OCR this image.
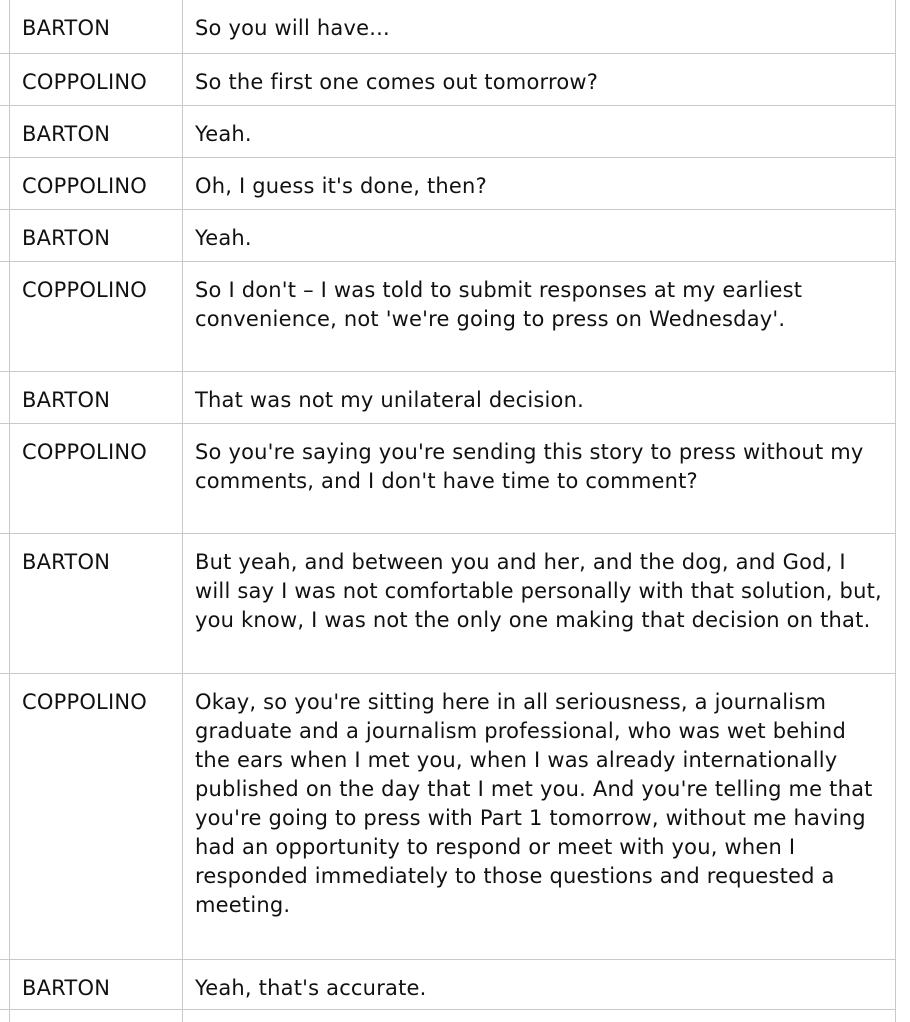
BARTON	So you will have...
COPPOLINO	So the first one comes out tomorrow?
BARTON	Yeah.
COPPOLINO	Oh, I guess it's done, then?
BARTON	Yeah.
COPPOLINO	So I don't – I was told to submit responses at my earliest convenience, not 'we're going to press on Wednesday'.
BARTON	That was not my unilateral decision.
COPPOLINO	So you're saying you're sending this story to press without my comments, and I don't have time to comment?
BARTON	But yeah, and between you and her, and the dog, and God, I will say I was not comfortable personally with that solution, but, you know, I was not the only one making that decision on that.
COPPOLINO	Okay, so you're sitting here in all seriousness, a journalism graduate and a journalism professional, who was wet behind the ears when I met you, when I was already internationally published on the day that I met you. And you're telling me that you're going to press with Part 1 tomorrow, without me having had an opportunity to respond or meet with you, when I responded immediately to those questions and requested a meeting.
BARTON	Yeah, that's accurate.
